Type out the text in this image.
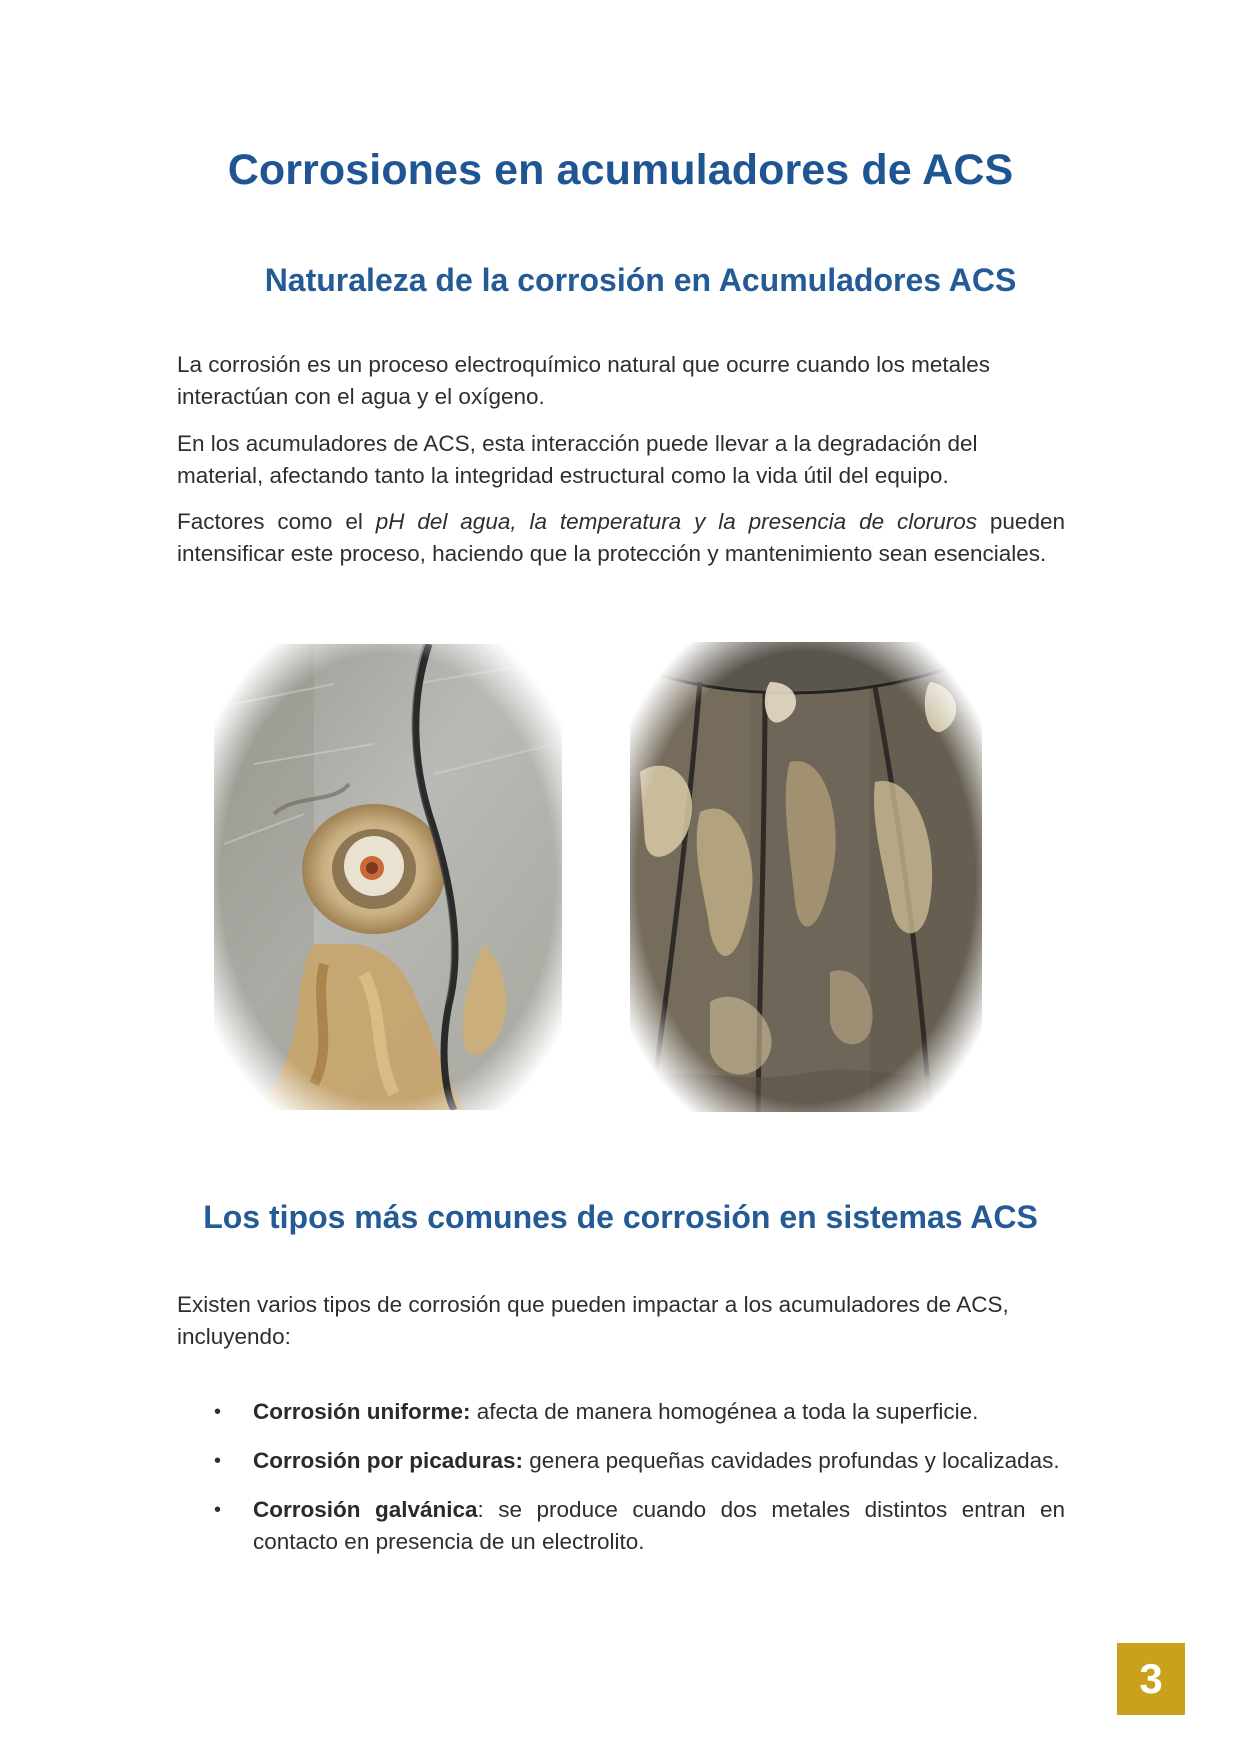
Corrosiones en acumuladores de ACS
Naturaleza de la corrosión en Acumuladores ACS

La corrosión es un proceso electroquímico natural que ocurre cuando los metales interactúan con el agua y el oxígeno.

En los acumuladores de ACS, esta interacción puede llevar a la degradación del material, afectando tanto la integridad estructural como la vida útil del equipo.

Factores como el pH del agua, la temperatura y la presencia de cloruros pueden intensificar este proceso, haciendo que la protección y mantenimiento sean esenciales.

Los tipos más comunes de corrosión en sistemas ACS

Existen varios tipos de corrosión que pueden impactar a los acumuladores de ACS, incluyendo:

• Corrosión uniforme: afecta de manera homogénea a toda la superficie.
• Corrosión por picaduras: genera pequeñas cavidades profundas y localizadas.
• Corrosión galvánica: se produce cuando dos metales distintos entran en contacto en presencia de un electrolito.
3
